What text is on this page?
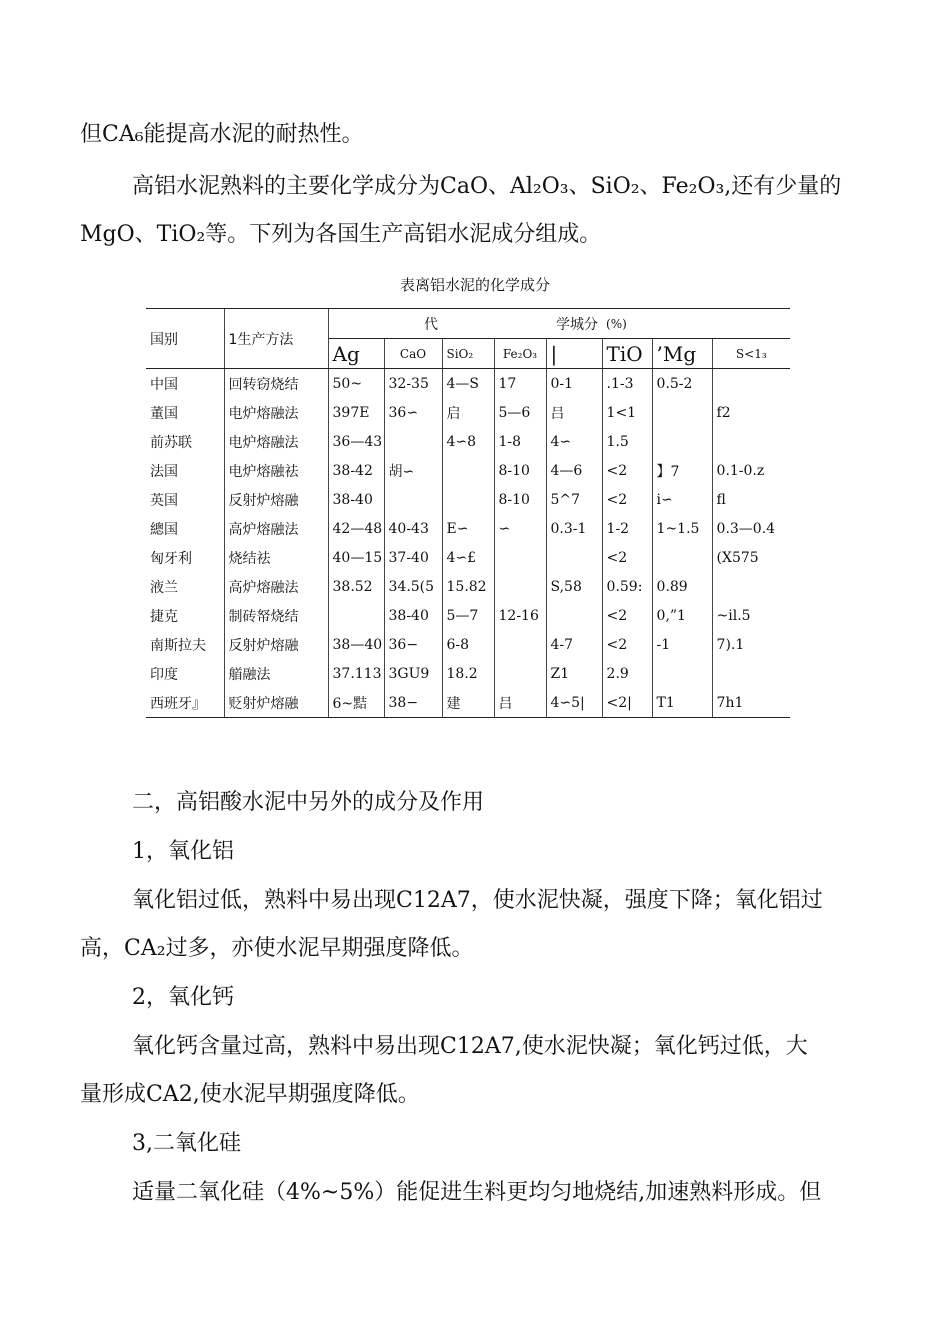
但CA₆能提高水泥的耐热性。
高铝水泥熟料的主要化学成分为CaO、Al₂O₃、SiO₂、Fe₂O₃,还有少量的
MgO、TiO₂等。下列为各国生产高铝水泥成分组成。
表离铝水泥的化学成分
国别	1生产方法	代		学城分			(%)		
		Ag	CaO	SiO₂	Fe₂O₃	|	TiO	’Mg	S<1₃
中国	回转窃烧结	50~	32-35	4—S	17	0-1	.1-3	0.5-2	
董国	电炉熔融法	397E	36∽	启	5—6	吕	1<1		f2
前苏联	电炉熔融法	36—43		4∽8	1-8	4∽	1.5		
法国	电炉熔融祛	38-42	胡∽		8-10	4—6	<2	】7	0.1-0.z
英国	反射炉熔融	38-40			8-10	5^7	<2	i∽	fl
總国	高炉熔融法	42—48	40-43	E∽	∽	0.3-1	1-2	1~1.5	0.3—0.4
匈牙利	烧结祛	40—15	37-40	4∽£			<2		(X575
液兰	高炉熔融法	38.52	34.5(5	15.82		S,58	0.59:	0.89	
捷克	制砖帑烧结		38-40	5—7	12-16		<2	0,”1	~il.5
南斯拉夫	反射炉熔融	38—40	36−	6-8		4-7	<2	-1	7).1
印度	艏融法	37.113	3GU9	18.2		Z1	2.9		
西班牙』	贬射炉熔融	6~黠	38−	建	吕	4∽5|	<2|	T1	7h1
二，高铝酸水泥中另外的成分及作用
1，氧化铝
氧化铝过低，熟料中易出现C12A7，使水泥快凝，强度下降；氧化铝过
高，CA₂过多，亦使水泥早期强度降低。
2，氧化钙
氧化钙含量过高，熟料中易出现C12A7,使水泥快凝；氧化钙过低，大
量形成CA2,使水泥早期强度降低。
3,二氧化硅
适量二氧化硅（4%~5%）能促进生料更均匀地烧结,加速熟料形成。但
